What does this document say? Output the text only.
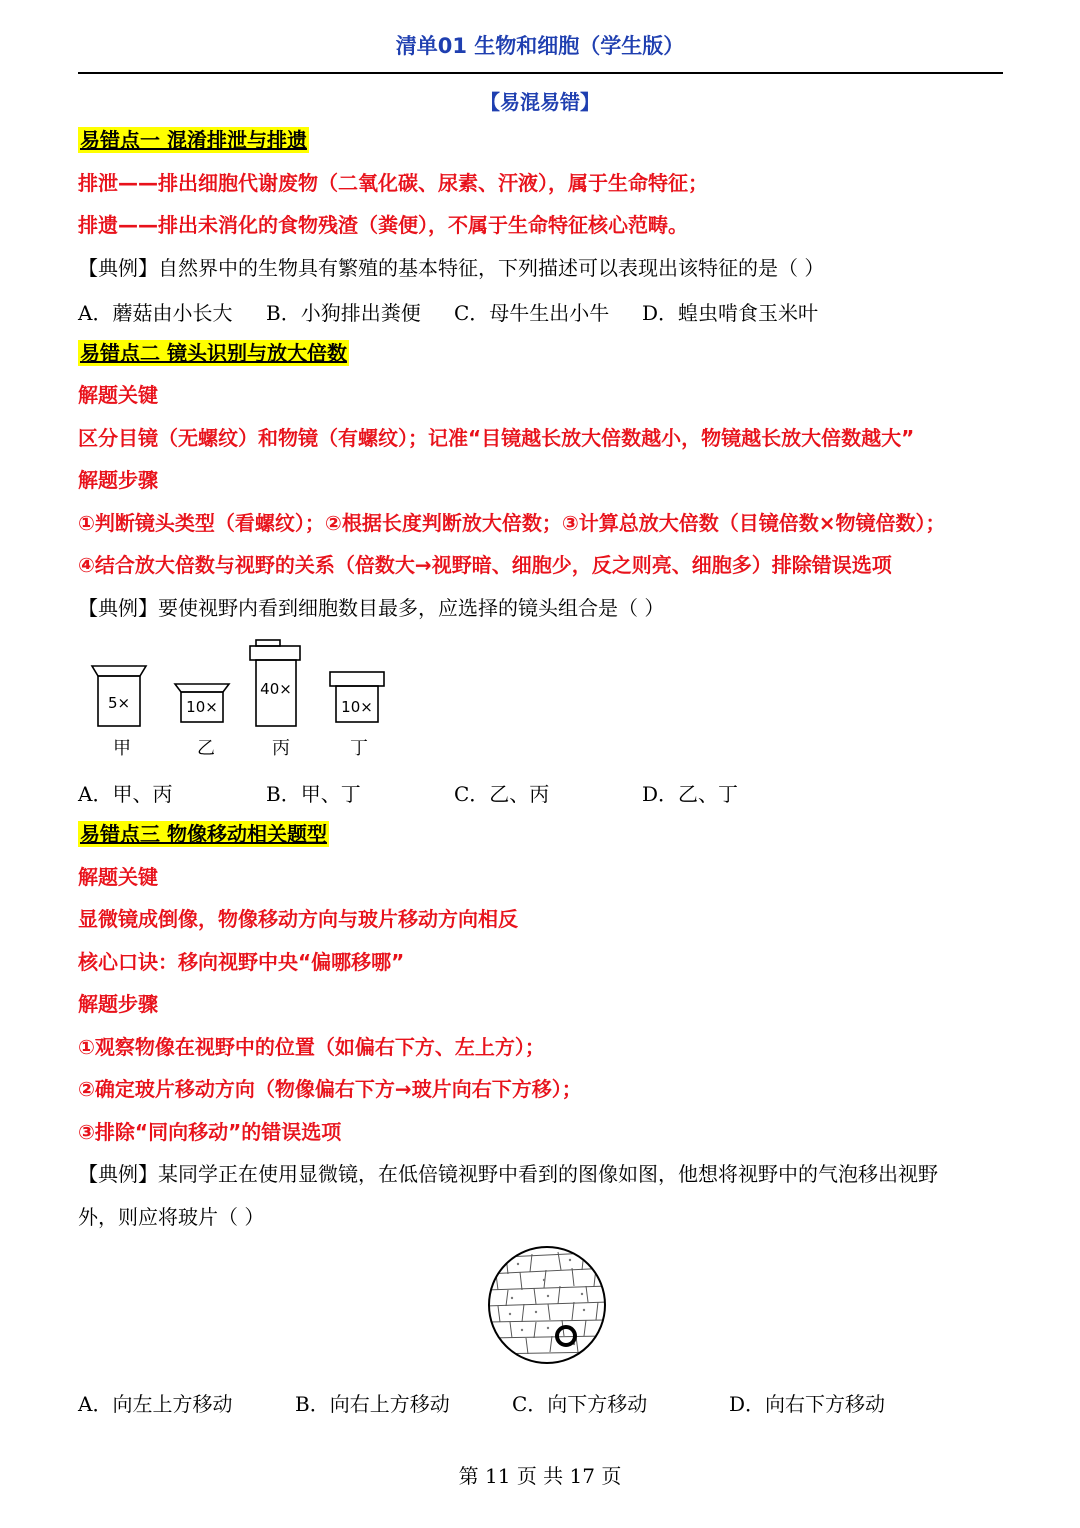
清单01 生物和细胞（学生版）
【易混易错】
易错点一 混淆排泄与排遗
排泄——排出细胞代谢废物（二氧化碳、尿素、汗液），属于生命特征；
排遗——排出未消化的食物残渣（粪便），不属于生命特征核心范畴。
【典例】自然界中的生物具有繁殖的基本特征，下列描述可以表现出该特征的是（ ）
A．蘑菇由小长大 B．小狗排出粪便 C．母牛生出小牛 D．蝗虫啃食玉米叶
易错点二 镜头识别与放大倍数
解题关键
区分目镜（无螺纹）和物镜（有螺纹）；记准“目镜越长放大倍数越小，物镜越长放大倍数越大”
解题步骤
①判断镜头类型（看螺纹）；②根据长度判断放大倍数；③计算总放大倍数（目镜倍数×物镜倍数）；
④结合放大倍数与视野的关系（倍数大→视野暗、细胞少，反之则亮、细胞多）排除错误选项
【典例】要使视野内看到细胞数目最多，应选择的镜头组合是（ ）
5×	10×
40×
10×
甲	乙	丙	丁
A．甲、丙	B．甲、丁	C．乙、丙	D．乙、丁
易错点三 物像移动相关题型
解题关键
显微镜成倒像，物像移动方向与玻片移动方向相反
核心口诀：移向视野中央“偏哪移哪”
解题步骤
①观察物像在视野中的位置（如偏右下方、左上方）；
②确定玻片移动方向（物像偏右下方→玻片向右下方移）；
③排除“同向移动”的错误选项
【典例】某同学正在使用显微镜，在低倍镜视野中看到的图像如图，他想将视野中的气泡移出视野
外，则应将玻片（ ）
A．向左上方移动	B．向右上方移动	C．向下方移动	D．向右下方移动
第 11 页 共 17 页
